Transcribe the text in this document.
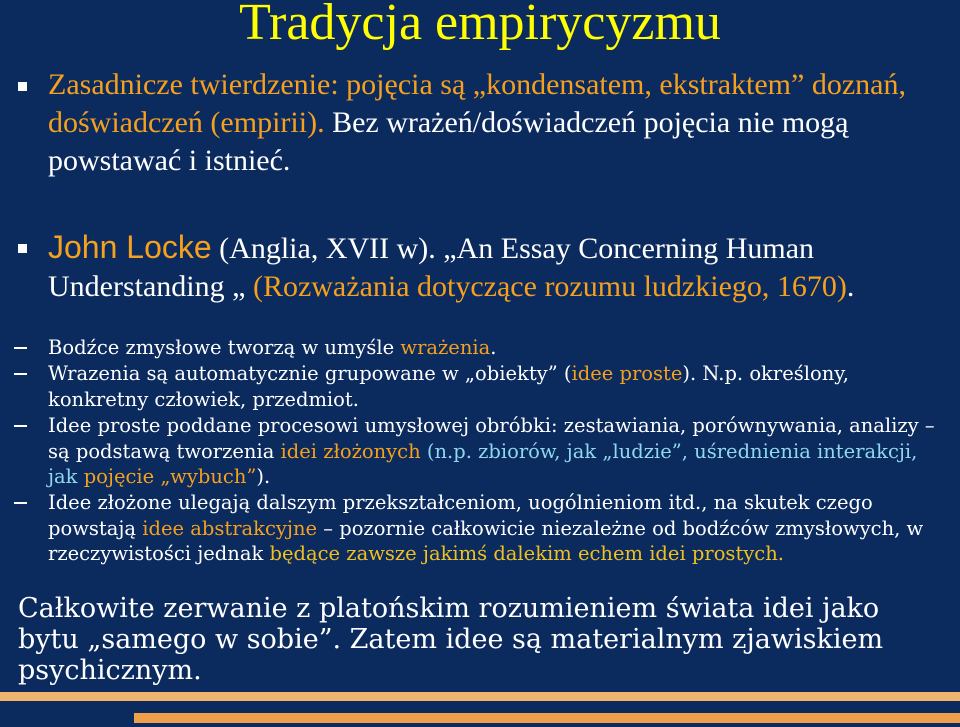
Tradycja empirycyzmu
Zasadnicze twierdzenie: pojęcia są „kondensatem, ekstraktem” doznań, doświadczeń (empirii). Bez wrażeń/doświadczeń pojęcia nie mogą powstawać i istnieć.
John Locke (Anglia, XVII w). „An Essay Concerning Human Understanding „ (Rozważania dotyczące rozumu ludzkiego, 1670).
Bodźce zmysłowe tworzą w umyśle wrażenia.
Wrazenia są automatycznie grupowane w „obiekty” (idee proste). N.p. określony, konkretny człowiek, przedmiot.
Idee proste poddane procesowi umysłowej obróbki: zestawiania, porównywania, analizy – są podstawą tworzenia idei złożonych (n.p. zbiorów, jak „ludzie”, uśrednienia interakcji, jak pojęcie „wybuch”).
Idee złożone ulegają dalszym przekształceniom, uogólnieniom itd., na skutek czego powstają idee abstrakcyjne – pozornie całkowicie niezależne od bodźców zmysłowych, w rzeczywistości jednak będące zawsze jakimś dalekim echem idei prostych.
Całkowite zerwanie z platońskim rozumieniem świata idei jako bytu „samego w sobie”. Zatem idee są materialnym zjawiskiem psychicznym.
